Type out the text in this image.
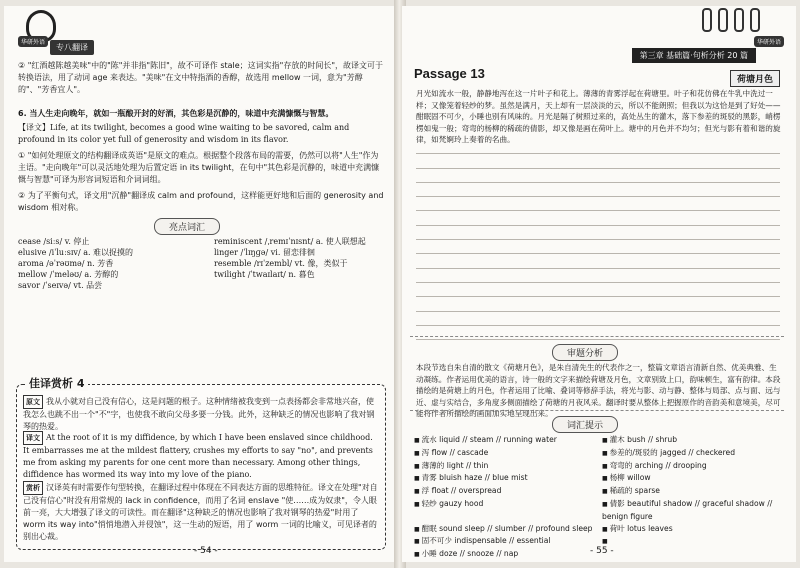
华研外语
专八翻译
② "红酒越陈越美味"中的"陈"并非指"陈旧"，故不可译作 stale；这词实指"存放的时间长"，故译文可于转换语法，用了动词 age 来表达。"美味"在文中特指酒的香醇，故选用 mellow 一词，意为"芳醇的"、"芳香宜人"。
6. 当人生走向晚年，就如一瓶酿开封的好酒，其色彩是沉静的，味道中充满慷慨与智慧。
【译文】Life, at its twilight, becomes a good wine waiting to be savored, calm and profound in its color yet full of generosity and wisdom in its flavor.
① "如何处理原文的结构翻译成英语"是原文的难点。根据整个段落布局的需要，仍然可以将"人生"作为主语。"走向晚年"可以灵活地处理为后置定语 in its twilight，在句中"其色彩是沉静的，味道中充满慷慨与智慧"可译为形容词短语和介词词组。
② 为了平衡句式，译文用"沉静"翻译成 calm and profound，这样能更好地和后面的 generosity and wisdom 相对称。
亮点词汇
cease /siːs/ v. 停止
elusive /iˈluːsɪv/ a. 难以捉摸的
aroma /əˈrəʊmə/ n. 芳香
mellow /ˈmeləʊ/ a. 芳醇的
savor /ˈseɪvə/ vt. 品尝
reminiscent /ˌremɪˈnɪsnt/ a. 使人联想起
linger /ˈlɪŋɡə/ vi. 留恋徘徊
resemble /rɪˈzembl/ vt. 像，类似于
twilight /ˈtwaɪlaɪt/ n. 暮色
佳译赏析 4
原文 我从小就对自己没有信心，这是问题的根子。这种情绪被我变到一点表扬都会非常地兴奋，使我怎么也跳不出一个"不"字，也使我不敢向父母多要一分钱。此外，这种缺乏的情况也影响了我对钢琴的热爱。
译文 At the root of it is my diffidence, by which I have been enslaved since childhood. It embarrasses me at the mildest flattery, crushes my efforts to say "no", and prevents me from asking my parents for one cent more than necessary. Among other things, diffidence has wormed its way into my love of the piano.
赏析 汉译英有时需要作句型转换，在翻译过程中体现在不同表达方面的思维特征。译文在处理"对自己没有信心"时没有用常规的 lack in confidence，而用了名词 enslave "使……成为奴隶"，令人眼前一亮，大大增强了译文的可读性。而在翻译"这种缺乏的情况也影响了我对钢琴的热爱"时用了 worm its way into"悄悄地潜入并侵蚀"，这一生动的短语，用了 worm 一词的比喻义，可见译者的别出心裁。
- 54 -
华研外语
第三章 基础篇·句析分析 20 篇
Passage 13	荷塘月色
月光如流水一般，静静地泻在这一片叶子和花上。薄薄的青雾浮起在荷塘里。叶子和花仿佛在牛乳中洗过一样；又像笼着轻纱的梦。虽然是满月，天上却有一层淡淡的云，所以不能朗照；但我以为这恰是到了好处——酣眠固不可少，小睡也别有风味的。月光是隔了树照过来的，高处丛生的灌木，落下参差的斑驳的黑影，峭楞楞如鬼一般；弯弯的杨柳的稀疏的倩影，却又像是画在荷叶上。塘中的月色并不均匀；但光与影有着和谐的旋律，如梵婀玲上奏着的名曲。
审题分析
本段节选自朱自清的散文《荷塘月色》，是朱自清先生的代表作之一，整篇文章语言清新自然、优美典雅、生动凝练。作者运用优美的语言，诗一般的文字来描绘荷塘及月色，文章别致上口，韵味顿生，富有韵律。本段描绘的是荷塘上的月色，作者运用了比喻、叠词等修辞手法，将光与影、动与静、整体与局部、点与面、远与近、虚与实结合，多角度多侧面描绘了荷塘的月夜风采。翻译时要从整体上把握原作的音韵美和意境美，尽可能将作者所描绘的画面加实地呈现出来。
词汇提示
■ 流水 liquid // steam // running water	■ 灌木 bush // shrub
■ 泻 flow // cascade	■ 参差的/斑驳的 jagged // checkered
■ 薄薄的 light // thin	■ 弯弯的 arching // drooping
■ 青雾 bluish haze // blue mist	■ 杨柳 willow
■ 浮 float // overspread	■ 稀疏的 sparse
■ 轻纱 gauzy hood	■ 倩影 beautiful shadow // graceful shadow // benign figure
■ 酣眠 sound sleep // slumber // profound sleep	■ 荷叶 lotus leaves
■ 固不可少 indispensable // essential
■
■ 小睡 doze // snooze // nap	- 55 -
